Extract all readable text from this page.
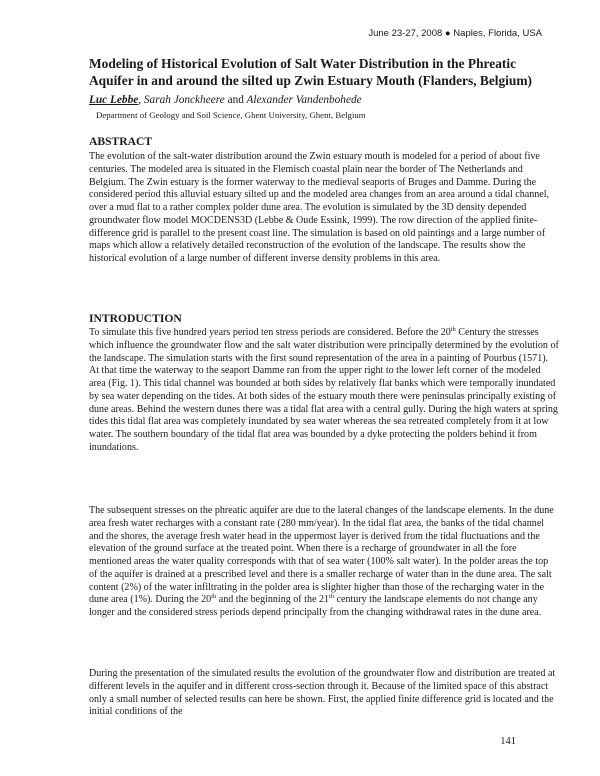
June 23-27, 2008 ● Naples, Florida, USA
Modeling of Historical Evolution of Salt Water Distribution in the Phreatic Aquifer in and around the silted up Zwin Estuary Mouth (Flanders, Belgium)
Luc Lebbe, Sarah Jonckheere and Alexander Vandenbohede
Department of Geology and Soil Science, Ghent University, Ghent, Belgium
ABSTRACT

The evolution of the salt-water distribution around the Zwin estuary mouth is modeled for a period of about five centuries. The modeled area is situated in the Flemisch coastal plain near the border of The Netherlands and Belgium. The Zwin estuary is the former waterway to the medieval seaports of Bruges and Damme. During the considered period this alluvial estuary silted up and the modeled area changes from an area around a tidal channel, over a mud flat to a rather complex polder dune area. The evolution is simulated by the 3D density depended groundwater flow model MOCDENS3D (Lebbe & Oude Essink, 1999). The row direction of the applied finite-difference grid is parallel to the present coast line. The simulation is based on old paintings and a large number of maps which allow a relatively detailed reconstruction of the evolution of the landscape. The results show the historical evolution of a large number of different inverse density problems in this area.

INTRODUCTION

To simulate this five hundred years period ten stress periods are considered. Before the 20th Century the stresses which influence the groundwater flow and the salt water distribution were principally determined by the evolution of the landscape. The simulation starts with the first sound representation of the area in a painting of Pourbus (1571). At that time the waterway to the seaport Damme ran from the upper right to the lower left corner of the modeled area (Fig. 1). This tidal channel was bounded at both sides by relatively flat banks which were temporally inundated by sea water depending on the tides. At both sides of the estuary mouth there were peninsulas principally existing of dune areas. Behind the western dunes there was a tidal flat area with a central gully. During the high waters at spring tides this tidal flat area was completely inundated by sea water whereas the sea retreated completely from it at low water. The southern boundary of the tidal flat area was bounded by a dyke protecting the polders behind it from inundations.

The subsequent stresses on the phreatic aquifer are due to the lateral changes of the landscape elements. In the dune area fresh water recharges with a constant rate (280 mm/year). In the tidal flat area, the banks of the tidal channel and the shores, the average fresh water head in the uppermost layer is derived from the tidal fluctuations and the elevation of the ground surface at the treated point. When there is a recharge of groundwater in all the fore mentioned areas the water quality corresponds with that of sea water (100% salt water). In the polder areas the top of the aquifer is drained at a prescribed level and there is a smaller recharge of water than in the dune area. The salt content (2%) of the water infiltrating in the polder area is slighter higher than those of the recharging water in the dune area (1%). During the 20th and the beginning of the 21th century the landscape elements do not change any longer and the considered stress periods depend principally from the changing withdrawal rates in the dune area.

During the presentation of the simulated results the evolution of the groundwater flow and distribution are treated at different levels in the aquifer and in different cross-section through it. Because of the limited space of this abstract only a small number of selected results can here be shown. First, the applied finite difference grid is located and the initial conditions of the

141
